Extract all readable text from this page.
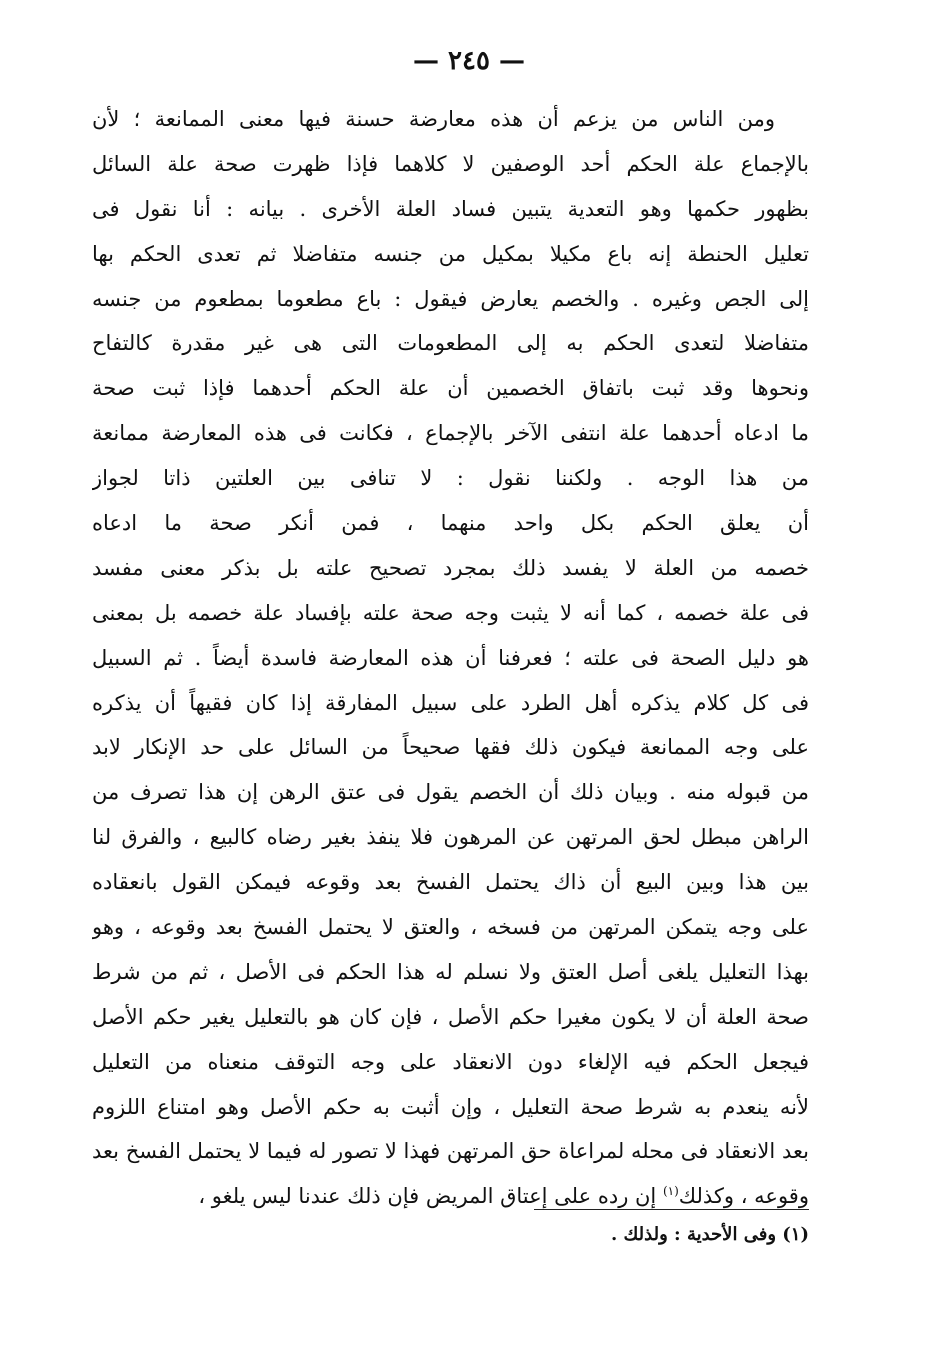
— ٢٤٥ —
ومن الناس من يزعم أن هذه معارضة حسنة فيها معنى الممانعة ؛ لأن
بالإجماع علة الحكم أحد الوصفين لا كلاهما فإذا ظهرت صحة علة السائل
بظهور حكمها وهو التعدية يتبين فساد العلة الأخرى . بيانه : أنا نقول فى
تعليل الحنطة إنه باع مكيلا بمكيل من جنسه متفاضلا ثم تعدى الحكم بها
إلى الجص وغيره . والخصم يعارض فيقول : باع مطعوما بمطعوم من جنسه
متفاضلا لتعدى الحكم به إلى المطعومات التى هى غير مقدرة كالتفاح
ونحوها وقد ثبت باتفاق الخصمين أن علة الحكم أحدهما فإذا ثبت صحة
ما ادعاه أحدهما علة انتفى الآخر بالإجماع ، فكانت فى هذه المعارضة ممانعة
من هذا الوجه . ولكننا نقول : لا تنافى بين العلتين ذاتا لجواز
أن يعلق الحكم بكل واحد منهما ، فمن أنكر صحة ما ادعاه
خصمه من العلة لا يفسد ذلك بمجرد تصحيح علته بل بذكر معنى مفسد
فى علة خصمه ، كما أنه لا يثبت وجه صحة علته بإفساد علة خصمه بل بمعنى
هو دليل الصحة فى علته ؛ فعرفنا أن هذه المعارضة فاسدة أيضاً . ثم السبيل
فى كل كلام يذكره أهل الطرد على سبيل المفارقة إذا كان فقيهاً أن يذكره
على وجه الممانعة فيكون ذلك فقها صحيحاً من السائل على حد الإنكار لابد
من قبوله منه . وبيان ذلك أن الخصم يقول فى عتق الرهن إن هذا تصرف من
الراهن مبطل لحق المرتهن عن المرهون فلا ينفذ بغير رضاه كالبيع ، والفرق لنا
بين هذا وبين البيع أن ذاك يحتمل الفسخ بعد وقوعه فيمكن القول بانعقاده
على وجه يتمكن المرتهن من فسخه ، والعتق لا يحتمل الفسخ بعد وقوعه ، وهو
بهذا التعليل يلغى أصل العتق ولا نسلم له هذا الحكم فى الأصل ، ثم من شرط
صحة العلة أن لا يكون مغيرا حكم الأصل ، فإن كان هو بالتعليل يغير حكم الأصل
فيجعل الحكم فيه الإلغاء دون الانعقاد على وجه التوقف منعناه من التعليل
لأنه ينعدم به شرط صحة التعليل ، وإن أثبت به حكم الأصل وهو امتناع اللزوم
بعد الانعقاد فى محله لمراعاة حق المرتهن فهذا لا تصور له فيما لا يحتمل الفسخ بعد
وقوعه ، وكذلك$^{(١)}$ إن رده على إعتاق المريض فإن ذلك عندنا ليس يلغو ،
(١) وفى الأحدية : ولذلك .
